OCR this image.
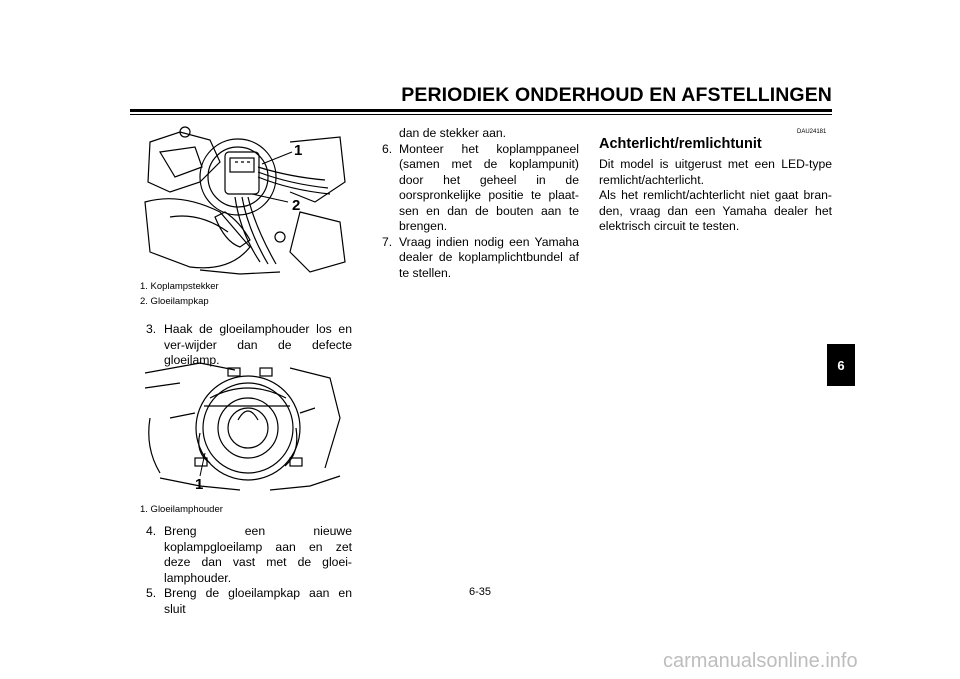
PERIODIEK ONDERHOUD EN AFSTELLINGEN
6
1
2
1. Koplampstekker
2. Gloeilampkap
3. Haak de gloeilamphouder los en ver-wijder dan de defecte gloeilamp.
1
1. Gloeilamphouder
4. Breng een nieuwe koplampgloeilamp aan en zet deze dan vast met de gloei-lamphouder.
5. Breng de gloeilampkap aan en sluit

dan de stekker aan.

6. Monteer het koplamppaneel (samen met de koplampunit) door het geheel in de oorspronkelijke positie te plaat-sen en dan de bouten aan te brengen.
7. Vraag indien nodig een Yamaha dealer de koplamplichtbundel af te stellen.
DAU24181
Achterlicht/remlichtunit

Dit model is uitgerust met een LED-type remlicht/achterlicht.

Als het remlicht/achterlicht niet gaat bran-den, vraag dan een Yamaha dealer het elektrisch circuit te testen.

6-35
carmanualsonline.info
